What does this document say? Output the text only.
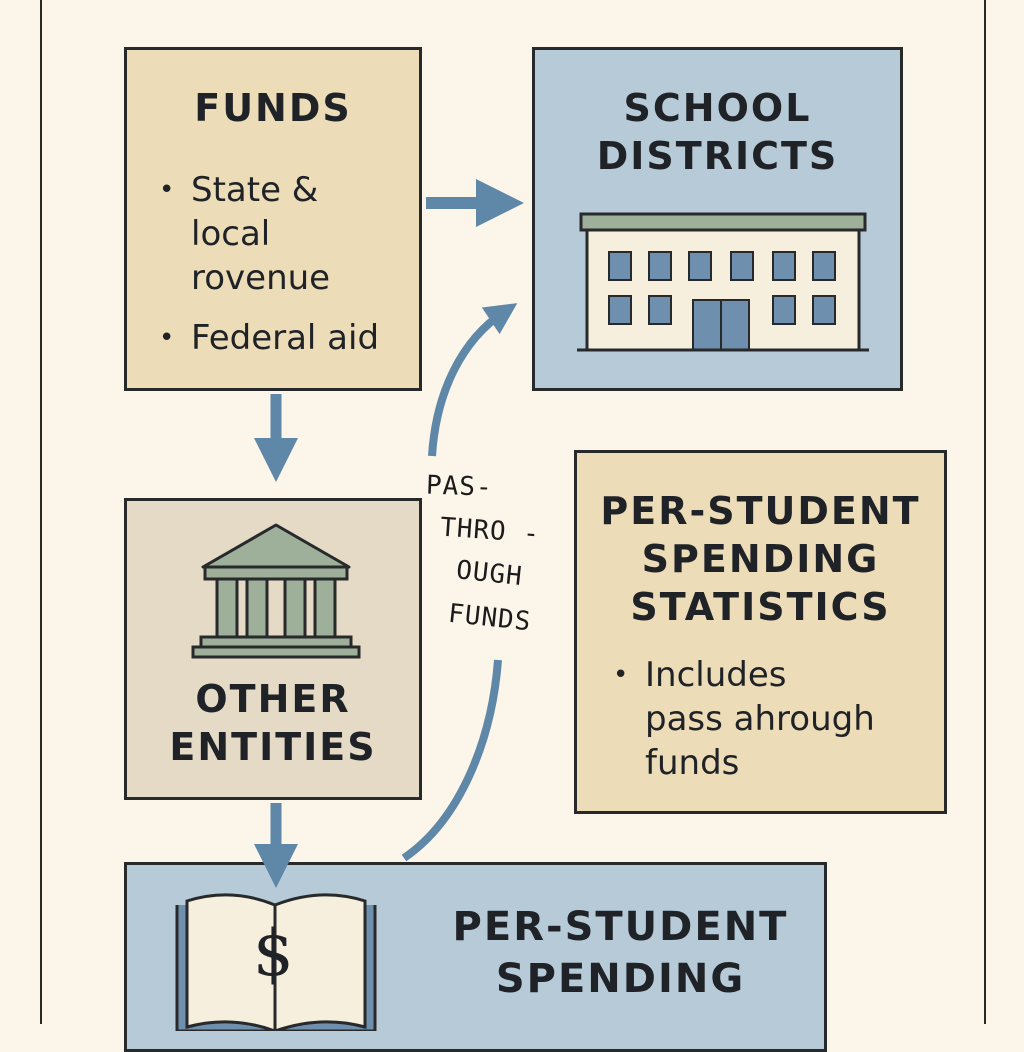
FUNDS
• State &
local
rovenue
• Federal aid
SCHOOL
DISTRICTS
OTHER
ENTITIES
PER-STUDENT
SPENDING
STATISTICS
• Includes
pass ahrough
funds
$	PER-STUDENT
SPENDING
PAS-
THRO -
OUGH
FUNDS
